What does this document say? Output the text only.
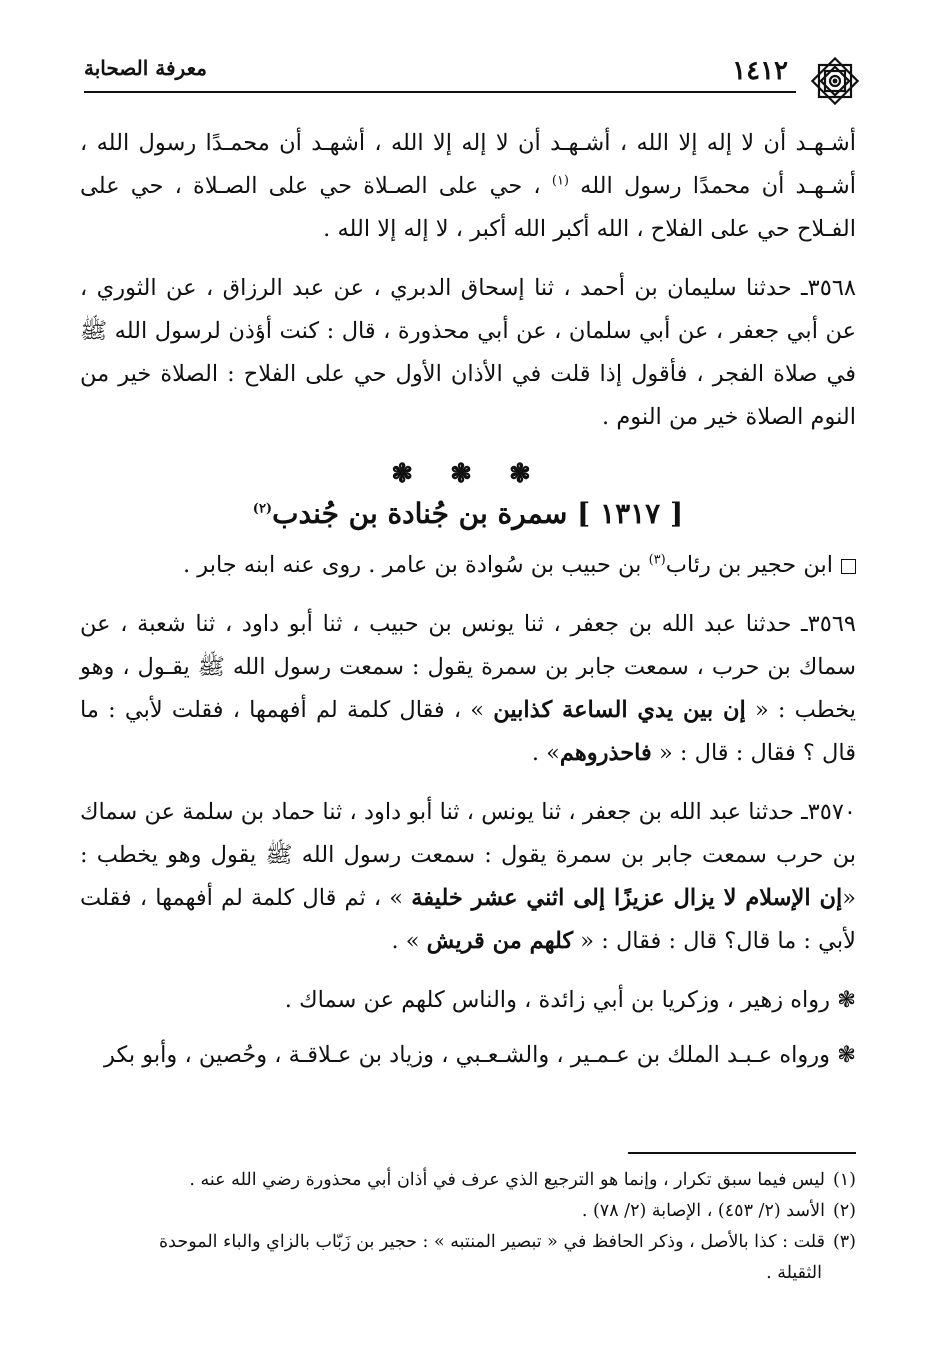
١٤١٢
معرفة الصحابة

أشـهـد أن لا إله إلا الله ، أشـهـد أن لا إله إلا الله ، أشهـد أن محمـدًا رسول الله ، أشـهـد أن محمدًا رسول الله $^{(١)}$ ، حي على الصـلاة حي على الصـلاة ، حي على الفـلاح حي على الفلاح ، الله أكبر الله أكبر ، لا إله إلا الله .

٣٥٦٨ـ حدثنا سليمان بن أحمد ، ثنا إسحاق الدبري ، عن عبد الرزاق ، عن الثوري ، عن أبي جعفر ، عن أبي سلمان ، عن أبي محذورة ، قال : كنت أؤذن لرسول الله ﷺ في صلاة الفجر ، فأقول إذا قلت في الأذان الأول حي على الفلاح : الصلاة خير من النوم الصلاة خير من النوم .

❃ ❃ ❃
[ ١٣١٧ ] سمرة بن جُنادة بن جُندب$^{(٢)}$

ابن حجير بن رئاب$^{(٣)}$ بن حبيب بن سُوادة بن عامر . روى عنه ابنه جابر .

٣٥٦٩ـ حدثنا عبد الله بن جعفر ، ثنا يونس بن حبيب ، ثنا أبو داود ، ثنا شعبة ، عن سماك بن حرب ، سمعت جابر بن سمرة يقول : سمعت رسول الله ﷺ يقـول ، وهو يخطب : « إن بين يدي الساعة كذابين » ، فقال كلمة لم أفهمها ، فقلت لأبي : ما قال ؟ فقال : قال : « فاحذروهم» .

٣٥٧٠ـ حدثنا عبد الله بن جعفر ، ثنا يونس ، ثنا أبو داود ، ثنا حماد بن سلمة عن سماك بن حرب سمعت جابر بن سمرة يقول : سمعت رسول الله ﷺ يقول وهو يخطب : «إن الإسلام لا يزال عزيزًا إلى اثني عشر خليفة » ، ثم قال كلمة لم أفهمها ، فقلت لأبي : ما قال؟ قال : فقال : « كلهم من قريش » .

❃ رواه زهير ، وزكريا بن أبي زائدة ، والناس كلهم عن سماك .

❃ ورواه عـبـد الملك بن عـمـير ، والشـعـبي ، وزياد بن عـلاقـة ، وحُصين ، وأبو بكر

(١)ليس فيما سبق تكرار ، وإنما هو الترجيع الذي عرف في أذان أبي محذورة رضي الله عنه .

(٢)الأسد (٢/ ٤٥٣) ، الإصابة (٢/ ٧٨) .

(٣)قلت : كذا بالأصل ، وذكر الحافظ في « تبصير المنتبه » : حجير بن زَبّاب بالزاي والباء الموحدة

الثقيلة .
